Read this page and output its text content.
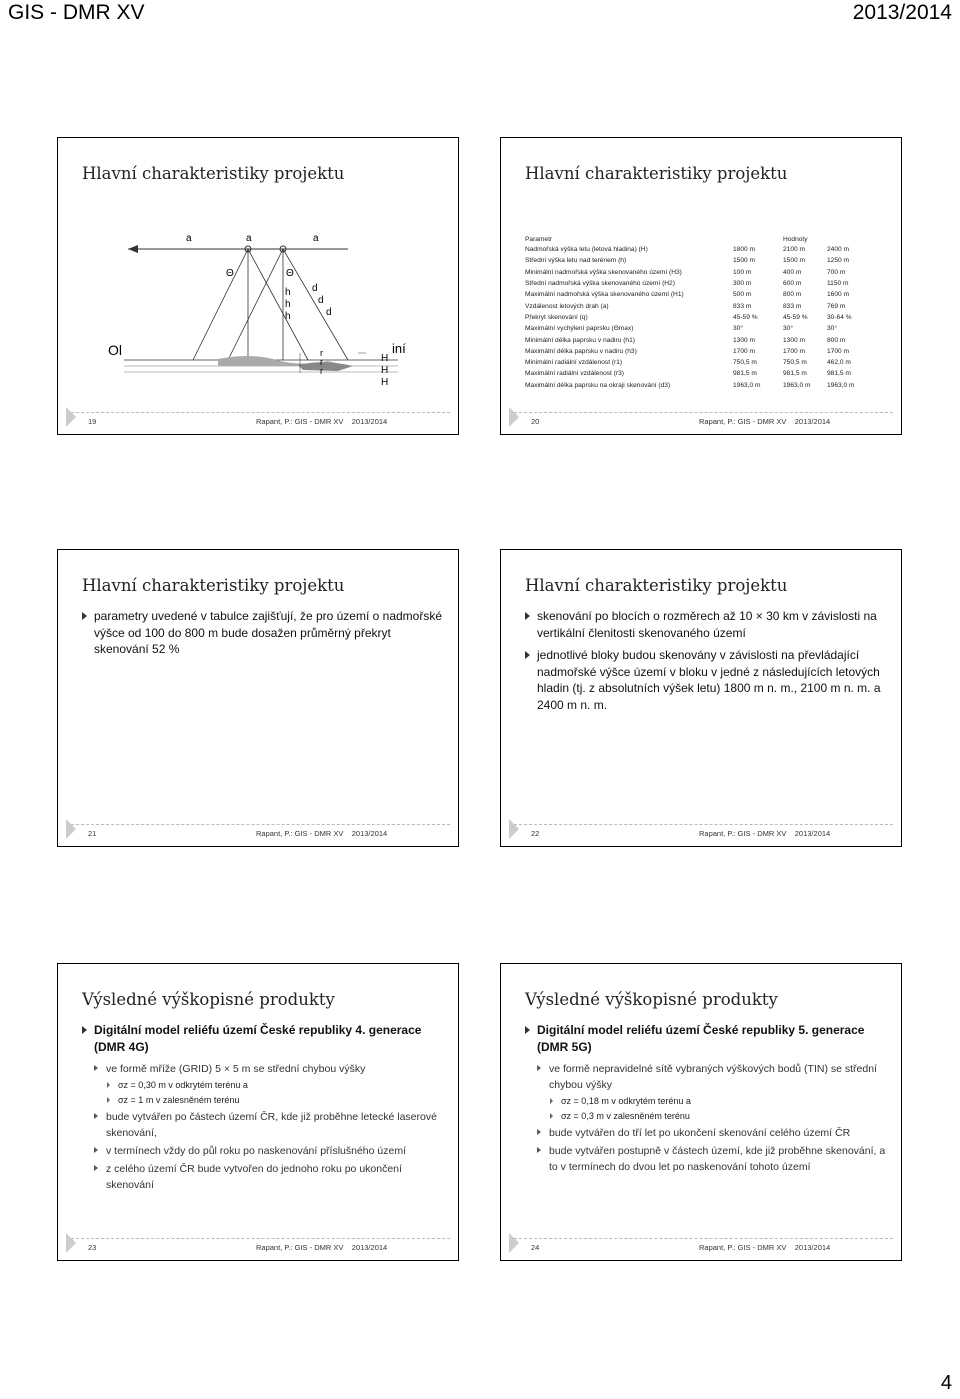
GIS - DMR XV	2013/2014
Hlavní charakteristiky projektu
a	a	a
Θ	Θ
h
h
h
d
d
d
r
r
r
H
H
H
Ol	iní
19	Rapant, P.: GIS - DMR XV 2013/2014
Hlavní charakteristiky projektu
Parametr		Hodnoty	
Nadmořská výška letu (letová hladina) (H)	1800 m	2100 m	2400 m
Střední výška letu nad terénem (h)	1500 m	1500 m	1250 m
Minimální nadmořská výška skenovaného území (H3)	100 m	400 m	700 m
Střední nadmořská výška skenovaného území (H2)	300 m	600 m	1150 m
Maximální nadmořská výška skenovaného území (H1)	500 m	800 m	1600 m
Vzdálenost letových drah (a)	833 m	833 m	769 m
Překryt skenování (q)	45-59 %	45-59 %	30-64 %
Maximální vychýlení paprsku (Θmax)	30°	30°	30°
Minimální délka paprsku v nadiru (h1)	1300 m	1300 m	800 m
Maximální délka paprsku v nadiru (h3)	1700 m	1700 m	1700 m
Minimální radiální vzdálenost (r1)	750,5 m	750,5 m	462,0 m
Maximální radiální vzdálenost (r3)	981,5 m	981,5 m	981,5 m
Maximální délka paprsku na okraji skenování (d3)	1963,0 m	1963,0 m	1963,0 m
20	Rapant, P.: GIS - DMR XV 2013/2014
Hlavní charakteristiky projektu
parametry uvedené v tabulce zajišťují, že pro území o nadmořské výšce od 100 do 800 m bude dosažen průměrný překryt skenování 52 %
21	Rapant, P.: GIS - DMR XV 2013/2014
Hlavní charakteristiky projektu
skenování po blocích o rozměrech až 10 × 30 km v závislosti na vertikální členitosti skenovaného území
jednotlivé bloky budou skenovány v závislosti na převládající nadmořské výšce území v bloku v jedné z následujících letových hladin (tj. z absolutních výšek letu) 1800 m n. m., 2100 m n. m. a 2400 m n. m.
22	Rapant, P.: GIS - DMR XV 2013/2014
Výsledné výškopisné produkty
Digitální model reliéfu území České republiky 4. generace (DMR 4G)
ve formě mříže (GRID) 5 × 5 m se střední chybou výšky
σz = 0,30 m v odkrytém terénu a
σz = 1 m v zalesněném terénu
bude vytvářen po částech území ČR, kde již proběhne letecké laserové skenování,
v termínech vždy do půl roku po naskenování příslušného území
z celého území ČR bude vytvořen do jednoho roku po ukončení skenování
23	Rapant, P.: GIS - DMR XV 2013/2014
Výsledné výškopisné produkty
Digitální model reliéfu území České republiky 5. generace (DMR 5G)
ve formě nepravidelné sítě vybraných výškových bodů (TIN) se střední chybou výšky
σz = 0,18 m v odkrytém terénu a
σz = 0,3 m v zalesněném terénu
bude vytvářen do tří let po ukončení skenování celého území ČR
bude vytvářen postupně v částech území, kde již proběhne skenování, a to v termínech do dvou let po naskenování tohoto území
24	Rapant, P.: GIS - DMR XV 2013/2014
4
